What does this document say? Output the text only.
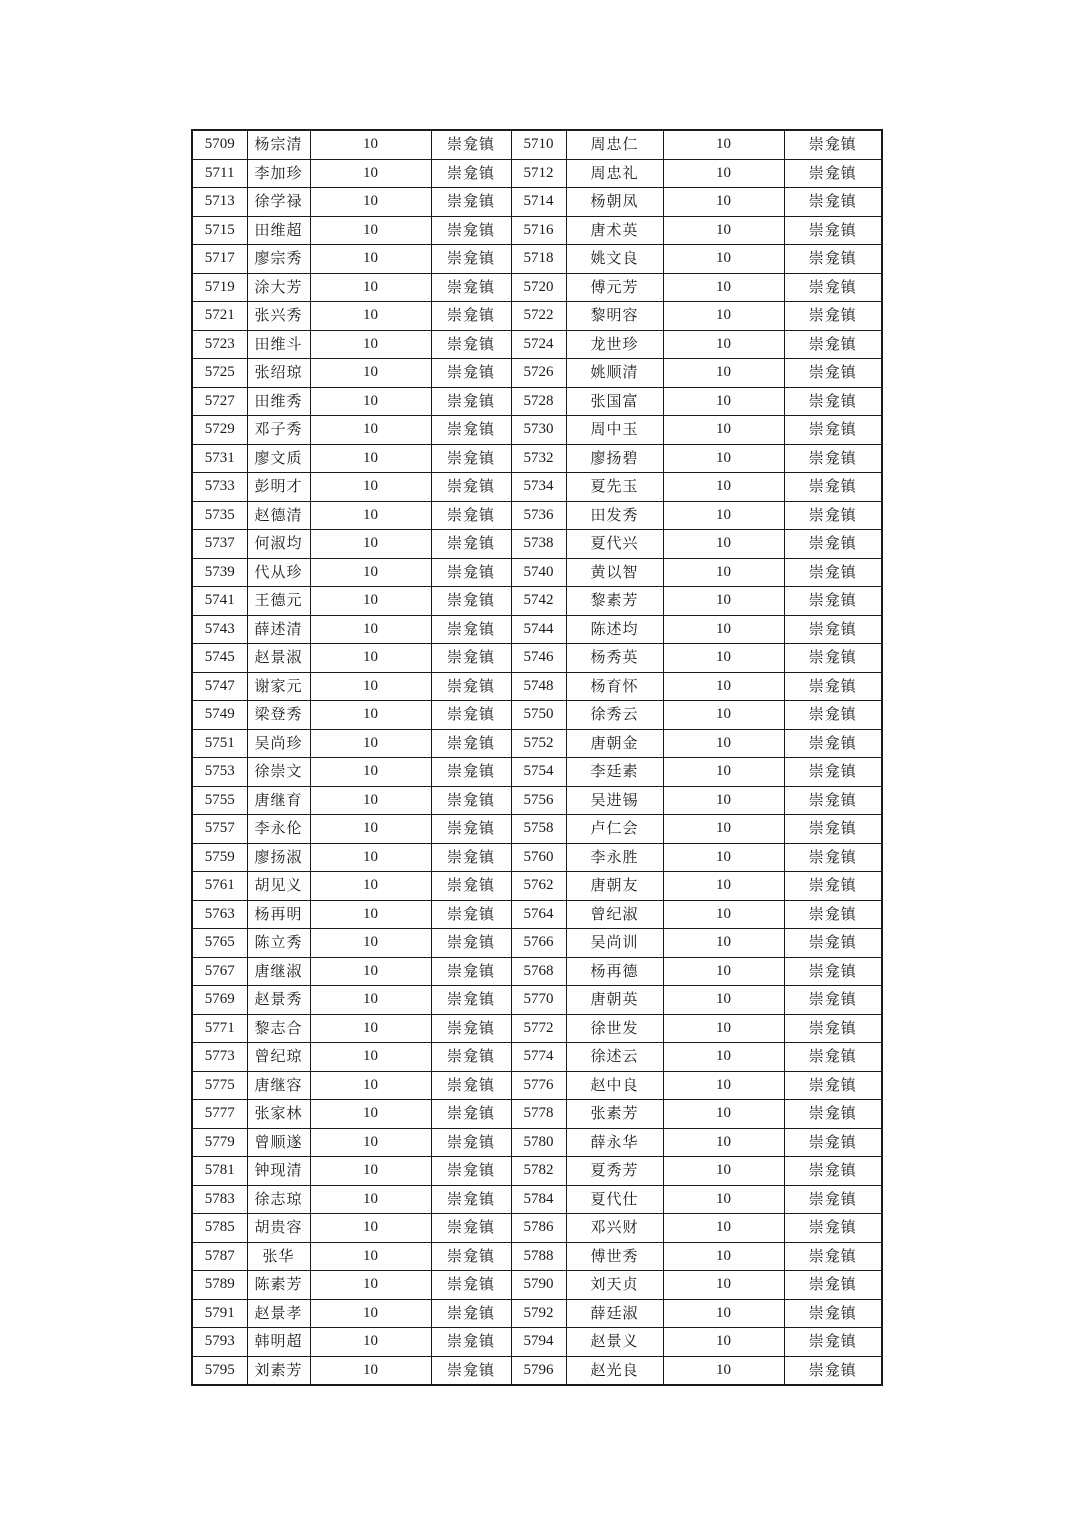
5709	杨宗清	10	崇龛镇	5710	周忠仁	10	崇龛镇
5711	李加珍	10	崇龛镇	5712	周忠礼	10	崇龛镇
5713	徐学禄	10	崇龛镇	5714	杨朝凤	10	崇龛镇
5715	田维超	10	崇龛镇	5716	唐术英	10	崇龛镇
5717	廖宗秀	10	崇龛镇	5718	姚文良	10	崇龛镇
5719	涂大芳	10	崇龛镇	5720	傅元芳	10	崇龛镇
5721	张兴秀	10	崇龛镇	5722	黎明容	10	崇龛镇
5723	田维斗	10	崇龛镇	5724	龙世珍	10	崇龛镇
5725	张绍琼	10	崇龛镇	5726	姚顺清	10	崇龛镇
5727	田维秀	10	崇龛镇	5728	张国富	10	崇龛镇
5729	邓子秀	10	崇龛镇	5730	周中玉	10	崇龛镇
5731	廖文质	10	崇龛镇	5732	廖扬碧	10	崇龛镇
5733	彭明才	10	崇龛镇	5734	夏先玉	10	崇龛镇
5735	赵德清	10	崇龛镇	5736	田发秀	10	崇龛镇
5737	何淑均	10	崇龛镇	5738	夏代兴	10	崇龛镇
5739	代从珍	10	崇龛镇	5740	黄以智	10	崇龛镇
5741	王德元	10	崇龛镇	5742	黎素芳	10	崇龛镇
5743	薛述清	10	崇龛镇	5744	陈述均	10	崇龛镇
5745	赵景淑	10	崇龛镇	5746	杨秀英	10	崇龛镇
5747	谢家元	10	崇龛镇	5748	杨育怀	10	崇龛镇
5749	梁登秀	10	崇龛镇	5750	徐秀云	10	崇龛镇
5751	吴尚珍	10	崇龛镇	5752	唐朝金	10	崇龛镇
5753	徐崇文	10	崇龛镇	5754	李廷素	10	崇龛镇
5755	唐继育	10	崇龛镇	5756	吴进锡	10	崇龛镇
5757	李永伦	10	崇龛镇	5758	卢仁会	10	崇龛镇
5759	廖扬淑	10	崇龛镇	5760	李永胜	10	崇龛镇
5761	胡见义	10	崇龛镇	5762	唐朝友	10	崇龛镇
5763	杨再明	10	崇龛镇	5764	曾纪淑	10	崇龛镇
5765	陈立秀	10	崇龛镇	5766	吴尚训	10	崇龛镇
5767	唐继淑	10	崇龛镇	5768	杨再德	10	崇龛镇
5769	赵景秀	10	崇龛镇	5770	唐朝英	10	崇龛镇
5771	黎志合	10	崇龛镇	5772	徐世发	10	崇龛镇
5773	曾纪琼	10	崇龛镇	5774	徐述云	10	崇龛镇
5775	唐继容	10	崇龛镇	5776	赵中良	10	崇龛镇
5777	张家林	10	崇龛镇	5778	张素芳	10	崇龛镇
5779	曾顺遂	10	崇龛镇	5780	薛永华	10	崇龛镇
5781	钟现清	10	崇龛镇	5782	夏秀芳	10	崇龛镇
5783	徐志琼	10	崇龛镇	5784	夏代仕	10	崇龛镇
5785	胡贵容	10	崇龛镇	5786	邓兴财	10	崇龛镇
5787	张华	10	崇龛镇	5788	傅世秀	10	崇龛镇
5789	陈素芳	10	崇龛镇	5790	刘天贞	10	崇龛镇
5791	赵景孝	10	崇龛镇	5792	薛廷淑	10	崇龛镇
5793	韩明超	10	崇龛镇	5794	赵景义	10	崇龛镇
5795	刘素芳	10	崇龛镇	5796	赵光良	10	崇龛镇
